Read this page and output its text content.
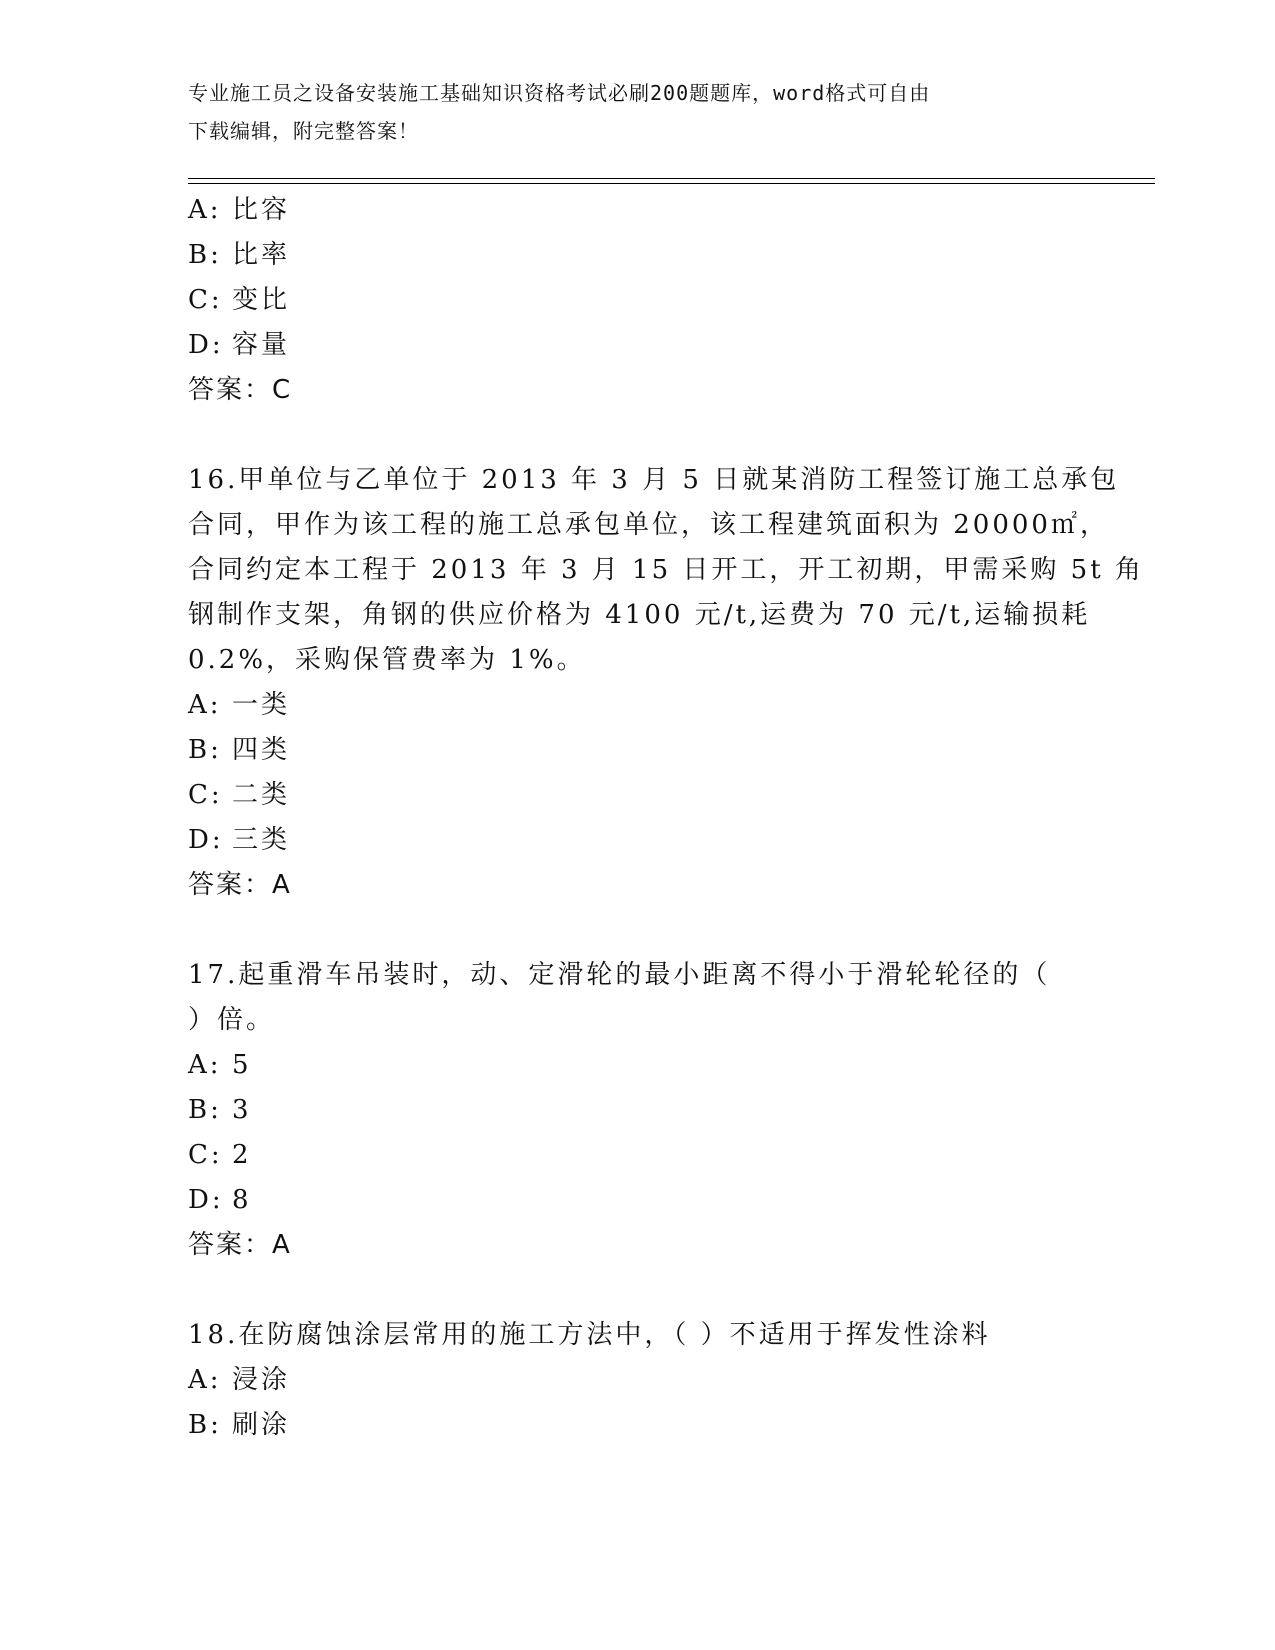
专业施工员之设备安装施工基础知识资格考试必刷200题题库，word格式可自由
下载编辑，附完整答案！
A: 比容
B: 比率
C: 变比
D: 容量
答案：C
16.甲单位与乙单位于 2013 年 3 月 5 日就某消防工程签订施工总承包
合同，甲作为该工程的施工总承包单位，该工程建筑面积为 20000㎡，
合同约定本工程于 2013 年 3 月 15 日开工，开工初期，甲需采购 5t 角
钢制作支架，角钢的供应价格为 4100 元/t,运费为 70 元/t,运输损耗
0.2%，采购保管费率为 1%。
A: 一类
B: 四类
C: 二类
D: 三类
答案：A
17.起重滑车吊装时，动、定滑轮的最小距离不得小于滑轮轮径的（
）倍。
A: 5
B: 3
C: 2
D: 8
答案：A
18.在防腐蚀涂层常用的施工方法中，（ ）不适用于挥发性涂料
A: 浸涂
B: 刷涂
